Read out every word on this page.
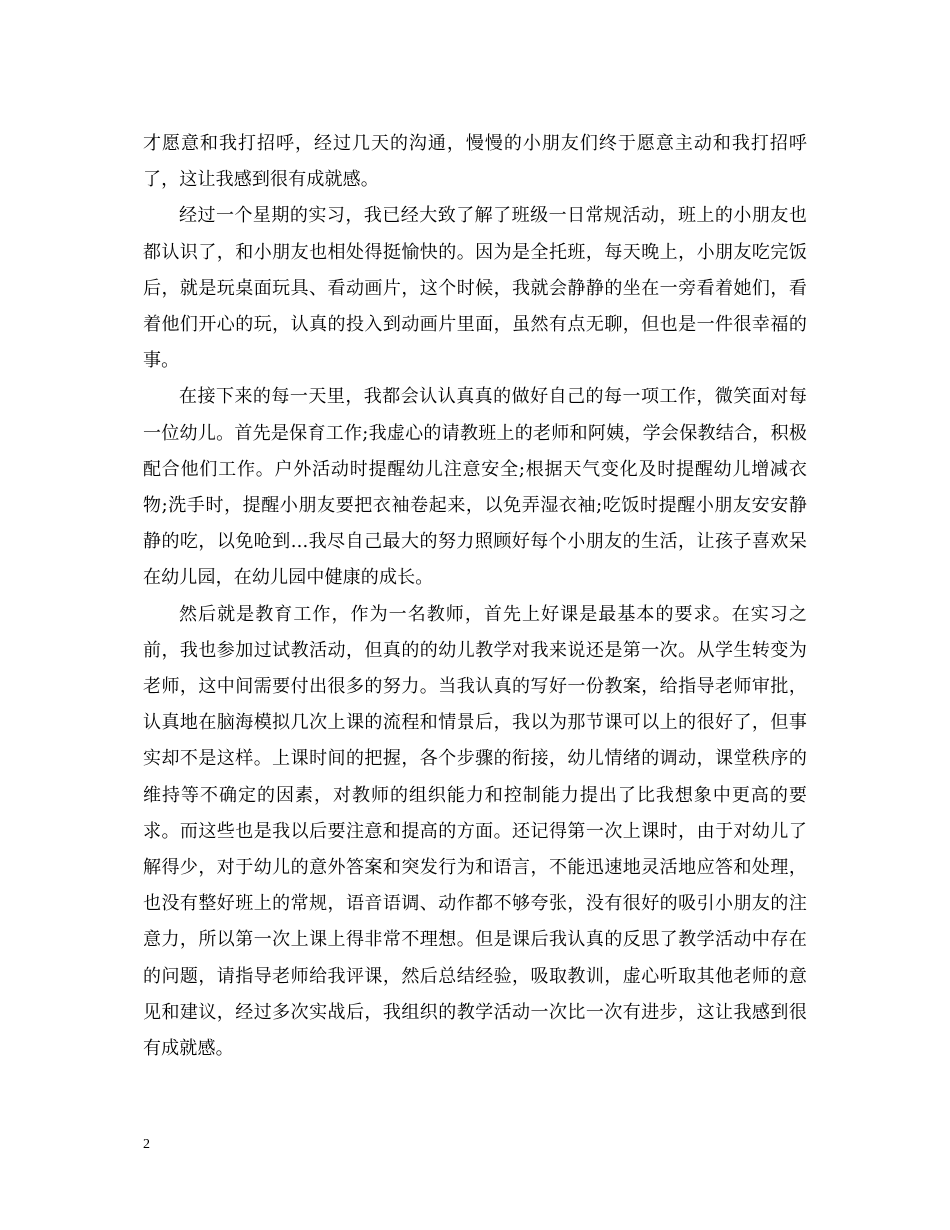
才愿意和我打招呼，经过几天的沟通，慢慢的小朋友们终于愿意主动和我打招呼了，这让我感到很有成就感。

经过一个星期的实习，我已经大致了解了班级一日常规活动，班上的小朋友也都认识了，和小朋友也相处得挺愉快的。因为是全托班，每天晚上，小朋友吃完饭后，就是玩桌面玩具、看动画片，这个时候，我就会静静的坐在一旁看着她们，看着他们开心的玩，认真的投入到动画片里面，虽然有点无聊，但也是一件很幸福的事。

在接下来的每一天里，我都会认认真真的做好自己的每一项工作，微笑面对每一位幼儿。首先是保育工作;我虚心的请教班上的老师和阿姨，学会保教结合，积极配合他们工作。户外活动时提醒幼儿注意安全;根据天气变化及时提醒幼儿增减衣物;洗手时，提醒小朋友要把衣袖卷起来，以免弄湿衣袖;吃饭时提醒小朋友安安静静的吃，以免呛到...我尽自己最大的努力照顾好每个小朋友的生活，让孩子喜欢呆在幼儿园，在幼儿园中健康的成长。

然后就是教育工作，作为一名教师，首先上好课是最基本的要求。在实习之前，我也参加过试教活动，但真的的幼儿教学对我来说还是第一次。从学生转变为老师，这中间需要付出很多的努力。当我认真的写好一份教案，给指导老师审批，认真地在脑海模拟几次上课的流程和情景后，我以为那节课可以上的很好了，但事实却不是这样。上课时间的把握，各个步骤的衔接，幼儿情绪的调动，课堂秩序的维持等不确定的因素，对教师的组织能力和控制能力提出了比我想象中更高的要求。而这些也是我以后要注意和提高的方面。还记得第一次上课时，由于对幼儿了解得少，对于幼儿的意外答案和突发行为和语言，不能迅速地灵活地应答和处理，也没有整好班上的常规，语音语调、动作都不够夸张，没有很好的吸引小朋友的注意力，所以第一次上课上得非常不理想。但是课后我认真的反思了教学活动中存在的问题，请指导老师给我评课，然后总结经验，吸取教训，虚心听取其他老师的意见和建议，经过多次实战后，我组织的教学活动一次比一次有进步，这让我感到很有成就感。

2
